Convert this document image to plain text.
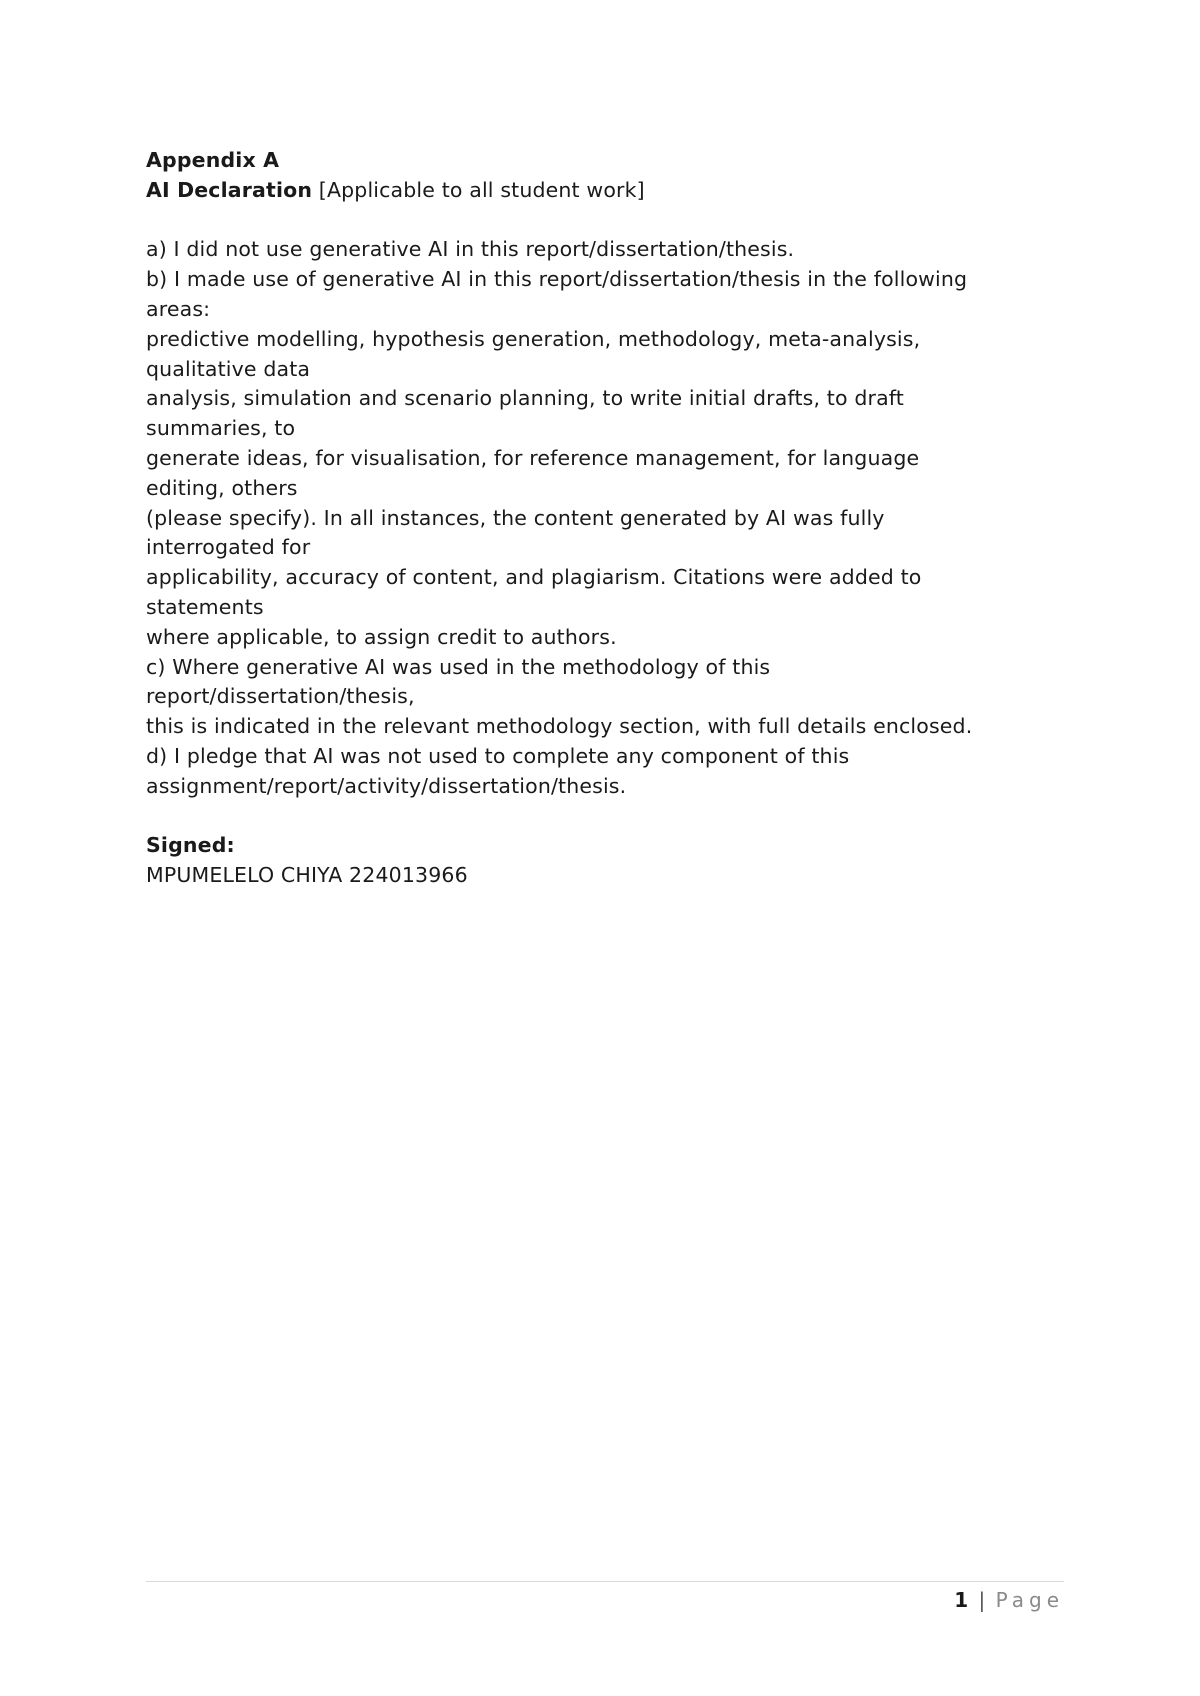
Appendix A
AI Declaration [Applicable to all student work]
a) I did not use generative AI in this report/dissertation/thesis.
b) I made use of generative AI in this report/dissertation/thesis in the following
areas:
predictive modelling, hypothesis generation, methodology, meta-analysis,
qualitative data
analysis, simulation and scenario planning, to write initial drafts, to draft
summaries, to
generate ideas, for visualisation, for reference management, for language
editing, others
(please specify). In all instances, the content generated by AI was fully
interrogated for
applicability, accuracy of content, and plagiarism. Citations were added to
statements
where applicable, to assign credit to authors.
c) Where generative AI was used in the methodology of this
report/dissertation/thesis,
this is indicated in the relevant methodology section, with full details enclosed.
d) I pledge that AI was not used to complete any component of this
assignment/report/activity/dissertation/thesis.
Signed:
MPUMELELO CHIYA 224013966
1 | Page
